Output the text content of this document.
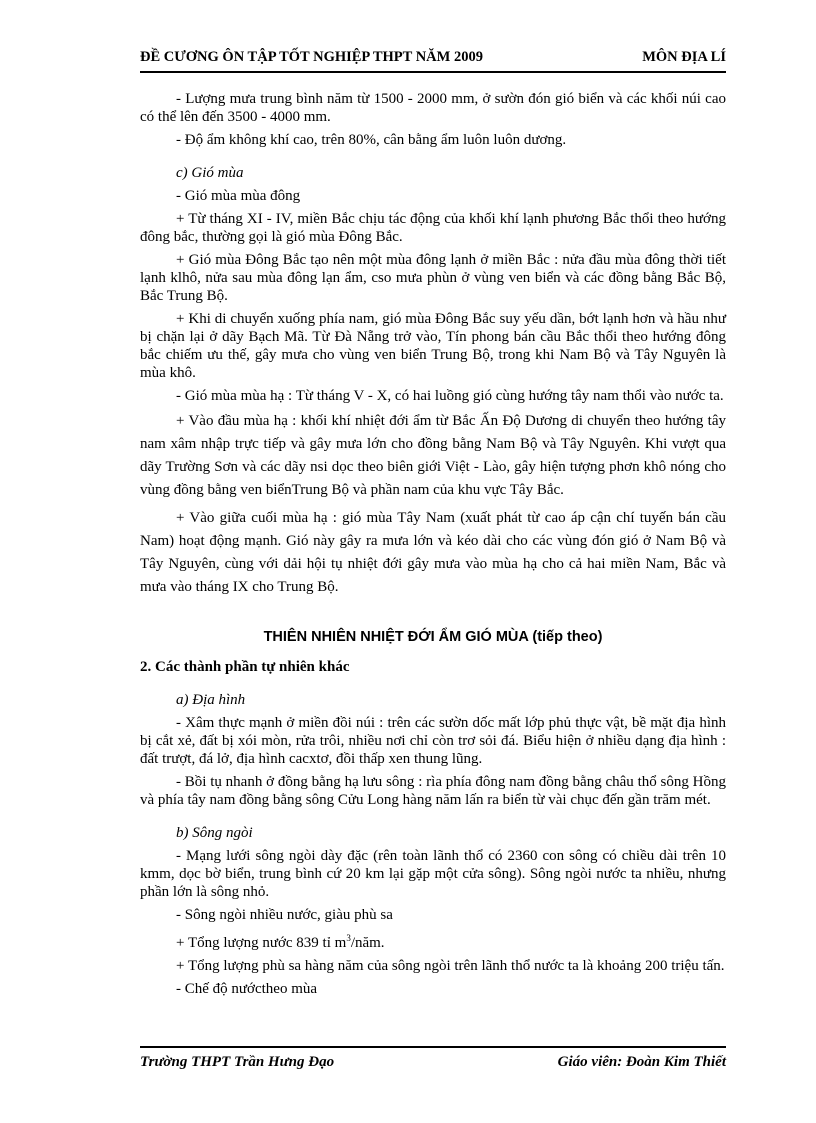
ĐỀ CƯƠNG ÔN TẬP TỐT NGHIỆP THPT NĂM 2009	MÔN ĐỊA LÍ

- Lượng mưa trung bình năm từ 1500 - 2000 mm, ở sườn đón gió biển và các khối núi cao có thể lên đến 3500 - 4000 mm.

- Độ ẩm không khí cao, trên 80%, cân bằng ẩm luôn luôn dương.

c) Gió mùa

- Gió mùa mùa đông

+ Từ tháng XI - IV, miền Bắc chịu tác động của khối khí lạnh phương Bắc thổi theo hướng đông bắc, thường gọi là gió mùa Đông Bắc.

+ Gió mùa Đông Bắc tạo nên một mùa đông lạnh ở miền Bắc : nửa đầu mùa đông thời tiết lạnh klhô, nửa sau mùa đông lạn ẩm, cso mưa phùn ở vùng ven biển và các đồng bằng Bắc Bộ, Bắc Trung Bộ.

+ Khi di chuyển xuống phía nam, gió mùa Đông Bắc suy yếu dần, bớt lạnh hơn và hầu như bị chặn lại ở dãy Bạch Mã. Từ Đà Nẵng trở vào, Tín phong bán cầu Bắc thổi theo hướng đông bắc chiếm ưu thế, gây mưa cho vùng ven biển Trung Bộ, trong khi Nam Bộ và Tây Nguyên là mùa khô.

- Gió mùa mùa hạ : Từ tháng V - X, có hai luồng gió cùng hướng tây nam thổi vào nước ta.

+ Vào đầu mùa hạ : khối khí nhiệt đới ẩm từ Bắc Ấn Độ Dương di chuyển theo hướng tây nam xâm nhập trực tiếp và gây mưa lớn cho đồng bằng Nam Bộ và Tây Nguyên. Khi vượt qua dãy Trường Sơn và các dãy nsi dọc theo biên giới Việt - Lào, gây hiện tượng phơn khô nóng cho vùng đồng bằng ven biểnTrung Bộ và phần nam của khu vực Tây Bắc.

+ Vào giữa cuối mùa hạ : gió mùa Tây Nam (xuất phát từ cao áp cận chí tuyến bán cầu Nam) hoạt động mạnh. Gió này gây ra mưa lớn và kéo dài cho các vùng đón gió ở Nam Bộ và Tây Nguyên, cùng với dải hội tụ nhiệt đới gây mưa vào mùa hạ cho cả hai miền Nam, Bắc và mưa vào tháng IX cho Trung Bộ.

THIÊN NHIÊN NHIỆT ĐỚI ẨM GIÓ MÙA (tiếp theo)
2. Các thành phần tự nhiên khác

a) Địa hình

- Xâm thực mạnh ở miền đồi núi : trên các sườn dốc mất lớp phủ thực vật, bề mặt địa hình bị cắt xẻ, đất bị xói mòn, rửa trôi, nhiều nơi chỉ còn trơ sỏi đá. Biểu hiện ở nhiều dạng địa hình : đất trượt, đá lở, địa hình cacxtơ, đồi thấp xen thung lũng.

- Bồi tụ nhanh ở đồng bằng hạ lưu sông : rìa phía đông nam đồng bằng châu thổ sông Hồng và phía tây nam đồng bằng sông Cửu Long hàng năm lấn ra biển từ vài chục đến gần trăm mét.

b) Sông ngòi

- Mạng lưới sông ngòi dày đặc (rên toàn lãnh thổ có 2360 con sông có chiều dài trên 10 kmm, dọc bờ biển, trung bình cứ 20 km lại gặp một cửa sông). Sông ngòi nước ta nhiều, nhưng phần lớn là sông nhỏ.

- Sông ngòi nhiều nước, giàu phù sa

+ Tổng lượng nước 839 tỉ $m^3$/năm.

+ Tổng lượng phù sa hàng năm của sông ngòi trên lãnh thổ nước ta là khoảng 200 triệu tấn.

- Chế độ nướctheo mùa

Trường THPT Trần Hưng Đạo	Giáo viên: Đoàn Kim Thiết
